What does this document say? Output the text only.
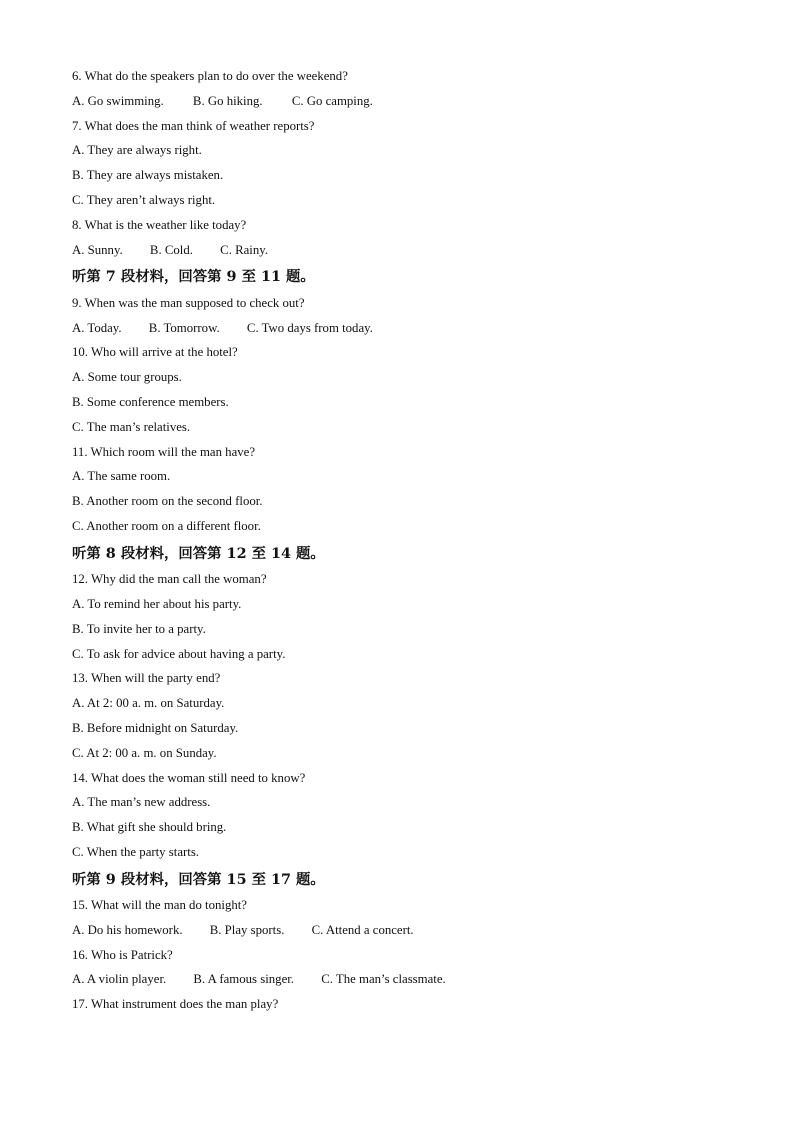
6. What do the speakers plan to do over the weekend?
A. Go swimming. B. Go hiking. C. Go camping.
7. What does the man think of weather reports?
A. They are always right.
B. They are always mistaken.
C. They aren’t always right.
8. What is the weather like today?
A. Sunny. B. Cold. C. Rainy.
听第 7 段材料，回答第 9 至 11 题。
9. When was the man supposed to check out?
A. Today. B. Tomorrow. C. Two days from today.
10. Who will arrive at the hotel?
A. Some tour groups.
B. Some conference members.
C. The man’s relatives.
11. Which room will the man have?
A. The same room.
B. Another room on the second floor.
C. Another room on a different floor.
听第 8 段材料，回答第 12 至 14 题。
12. Why did the man call the woman?
A. To remind her about his party.
B. To invite her to a party.
C. To ask for advice about having a party.
13. When will the party end?
A. At 2: 00 a. m. on Saturday.
B. Before midnight on Saturday.
C. At 2: 00 a. m. on Sunday.
14. What does the woman still need to know?
A. The man’s new address.
B. What gift she should bring.
C. When the party starts.
听第 9 段材料，回答第 15 至 17 题。
15. What will the man do tonight?
A. Do his homework. B. Play sports. C. Attend a concert.
16. Who is Patrick?
A. A violin player. B. A famous singer. C. The man’s classmate.
17. What instrument does the man play?
